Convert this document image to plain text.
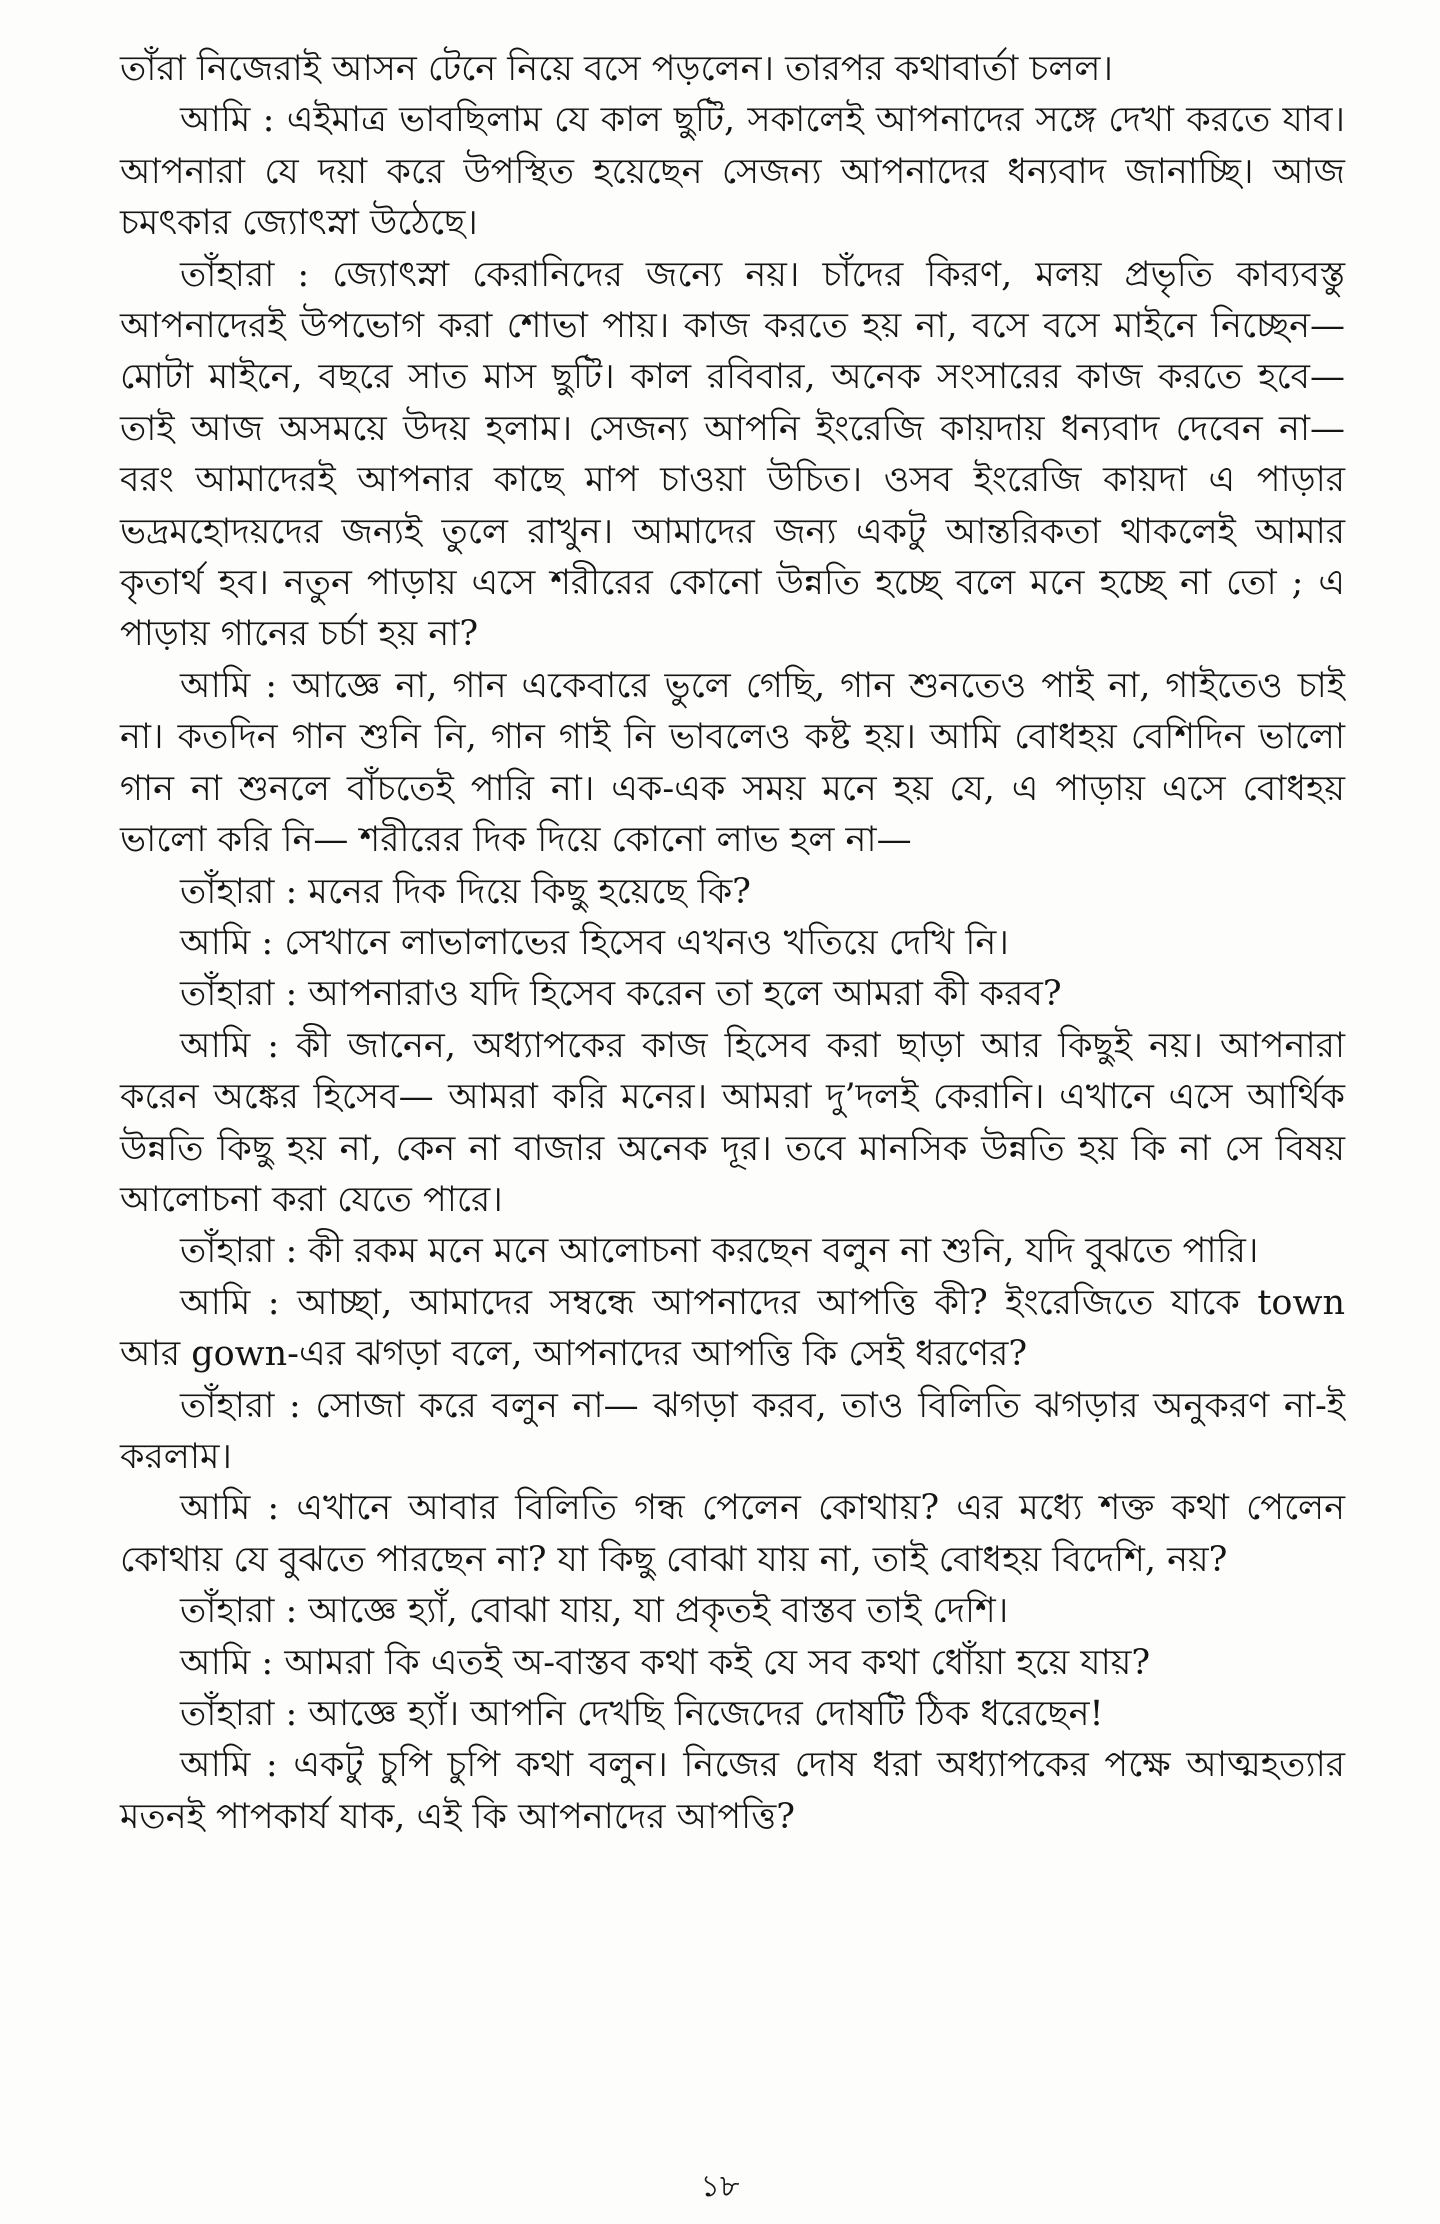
তাঁরা নিজেরাই আসন টেনে নিয়ে বসে পড়লেন। তারপর কথাবার্তা চলল।

আমি : এইমাত্র ভাবছিলাম যে কাল ছুটি, সকালেই আপনাদের সঙ্গে দেখা করতে যাব। আপনারা যে দয়া করে উপস্থিত হয়েছেন সেজন্য আপনাদের ধন্যবাদ জানাচ্ছি। আজ চমৎকার জ্যোৎস্না উঠেছে।

তাঁহারা : জ্যোৎস্না কেরানিদের জন্যে নয়। চাঁদের কিরণ, মলয় প্রভৃতি কাব্যবস্তু আপনাদেরই উপভোগ করা শোভা পায়। কাজ করতে হয় না, বসে বসে মাইনে নিচ্ছেন— মোটা মাইনে, বছরে সাত মাস ছুটি। কাল রবিবার, অনেক সংসারের কাজ করতে হবে— তাই আজ অসময়ে উদয় হলাম। সেজন্য আপনি ইংরেজি কায়দায় ধন্যবাদ দেবেন না— বরং আমাদেরই আপনার কাছে মাপ চাওয়া উচিত। ওসব ইংরেজি কায়দা এ পাড়ার ভদ্রমহোদয়দের জন্যই তুলে রাখুন। আমাদের জন্য একটু আন্তরিকতা থাকলেই আমার কৃতার্থ হব। নতুন পাড়ায় এসে শরীরের কোনো উন্নতি হচ্ছে বলে মনে হচ্ছে না তো ; এ পাড়ায় গানের চর্চা হয় না?

আমি : আজ্ঞে না, গান একেবারে ভুলে গেছি, গান শুনতেও পাই না, গাইতেও চাই না। কতদিন গান শুনি নি, গান গাই নি ভাবলেও কষ্ট হয়। আমি বোধহয় বেশিদিন ভালো গান না শুনলে বাঁচতেই পারি না। এক-এক সময় মনে হয় যে, এ পাড়ায় এসে বোধহয় ভালো করি নি— শরীরের দিক দিয়ে কোনো লাভ হল না—

তাঁহারা : মনের দিক দিয়ে কিছু হয়েছে কি?

আমি : সেখানে লাভালাভের হিসেব এখনও খতিয়ে দেখি নি।

তাঁহারা : আপনারাও যদি হিসেব করেন তা হলে আমরা কী করব?

আমি : কী জানেন, অধ্যাপকের কাজ হিসেব করা ছাড়া আর কিছুই নয়। আপনারা করেন অঙ্কের হিসেব— আমরা করি মনের। আমরা দু’দলই কেরানি। এখানে এসে আর্থিক উন্নতি কিছু হয় না, কেন না বাজার অনেক দূর। তবে মানসিক উন্নতি হয় কি না সে বিষয় আলোচনা করা যেতে পারে।

তাঁহারা : কী রকম মনে মনে আলোচনা করছেন বলুন না শুনি, যদি বুঝতে পারি।

আমি : আচ্ছা, আমাদের সম্বন্ধে আপনাদের আপত্তি কী? ইংরেজিতে যাকে town আর gown-এর ঝগড়া বলে, আপনাদের আপত্তি কি সেই ধরণের?

তাঁহারা : সোজা করে বলুন না— ঝগড়া করব, তাও বিলিতি ঝগড়ার অনুকরণ না-ই করলাম।

আমি : এখানে আবার বিলিতি গন্ধ পেলেন কোথায়? এর মধ্যে শক্ত কথা পেলেন কোথায় যে বুঝতে পারছেন না? যা কিছু বোঝা যায় না, তাই বোধহয় বিদেশি, নয়?

তাঁহারা : আজ্ঞে হ্যাঁ, বোঝা যায়, যা প্রকৃতই বাস্তব তাই দেশি।

আমি : আমরা কি এতই অ-বাস্তব কথা কই যে সব কথা ধোঁয়া হয়ে যায়?

তাঁহারা : আজ্ঞে হ্যাঁ। আপনি দেখছি নিজেদের দোষটি ঠিক ধরেছেন!

আমি : একটু চুপি চুপি কথা বলুন। নিজের দোষ ধরা অধ্যাপকের পক্ষে আত্মহত্যার মতনই পাপকার্য যাক, এই কি আপনাদের আপত্তি?

১৮
